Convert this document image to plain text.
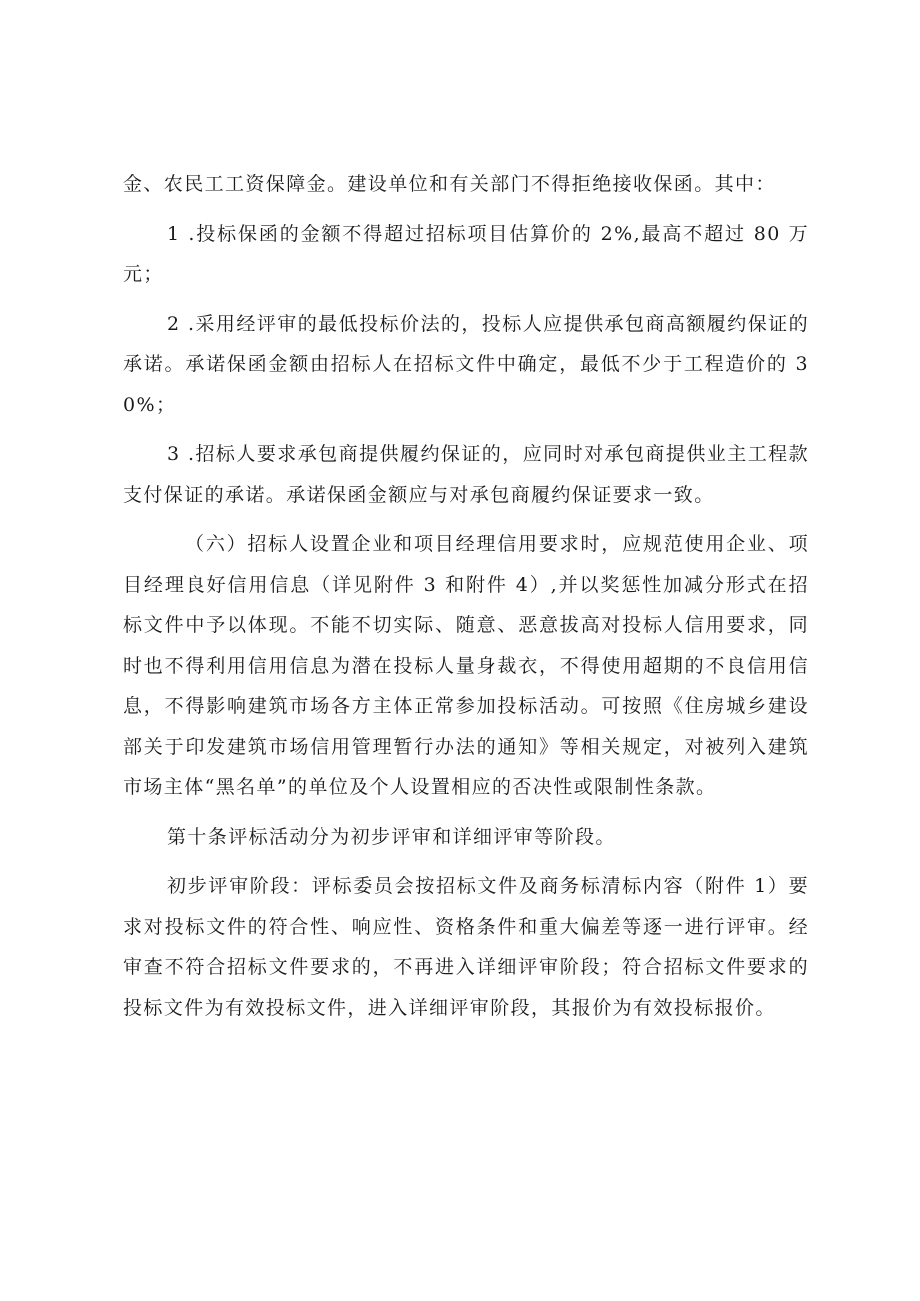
金、农民工工资保障金。建设单位和有关部门不得拒绝接收保函。其中：

1 .投标保函的金额不得超过招标项目估算价的 2%,最高不超过 80 万元；

2 .采用经评审的最低投标价法的，投标人应提供承包商高额履约保证的承诺。承诺保函金额由招标人在招标文件中确定，最低不少于工程造价的 30%；

3 .招标人要求承包商提供履约保证的，应同时对承包商提供业主工程款支付保证的承诺。承诺保函金额应与对承包商履约保证要求一致。

（六）招标人设置企业和项目经理信用要求时，应规范使用企业、项目经理良好信用信息（详见附件 3 和附件 4）,并以奖惩性加减分形式在招标文件中予以体现。不能不切实际、随意、恶意拔高对投标人信用要求，同时也不得利用信用信息为潜在投标人量身裁衣，不得使用超期的不良信用信息，不得影响建筑市场各方主体正常参加投标活动。可按照《住房城乡建设部关于印发建筑市场信用管理暂行办法的通知》等相关规定，对被列入建筑市场主体“黑名单”的单位及个人设置相应的否决性或限制性条款。

第十条评标活动分为初步评审和详细评审等阶段。

初步评审阶段：评标委员会按招标文件及商务标清标内容（附件 1）要求对投标文件的符合性、响应性、资格条件和重大偏差等逐一进行评审。经审查不符合招标文件要求的，不再进入详细评审阶段；符合招标文件要求的投标文件为有效投标文件，进入详细评审阶段，其报价为有效投标报价。
